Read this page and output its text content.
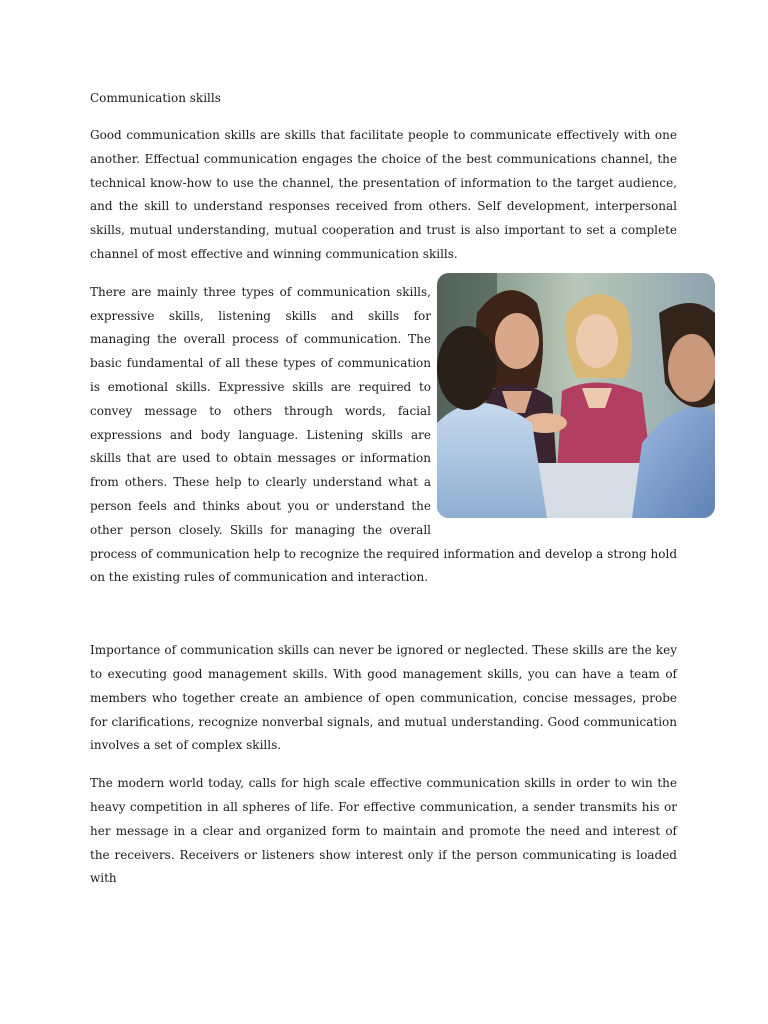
Communication skills

Good communication skills are skills that facilitate people to communicate effectively with one another. Effectual communication engages the choice of the best communications channel, the technical know-how to use the channel, the presentation of information to the target audience, and the skill to understand responses received from others. Self development, interpersonal skills, mutual understanding, mutual cooperation and trust is also important to set a complete channel of most effective and winning communication skills.

There are mainly three types of communication skills, expressive skills, listening skills and skills for managing the overall process of communication. The basic fundamental of all these types of communication is emotional skills. Expressive skills are required to convey message to others through words, facial expressions and body language. Listening skills are skills that are used to obtain messages or information from others. These help to clearly understand what a person feels and thinks about you or understand the other person closely. Skills for managing the overall process of communication help to recognize the required information and develop a strong hold on the existing rules of communication and interaction.

Importance of communication skills can never be ignored or neglected. These skills are the key to executing good management skills. With good management skills, you can have a team of members who together create an ambience of open communication, concise messages, probe for clarifications, recognize nonverbal signals, and mutual understanding. Good communication involves a set of complex skills.

The modern world today, calls for high scale effective communication skills in order to win the heavy competition in all spheres of life. For effective communication, a sender transmits his or her message in a clear and organized form to maintain and promote the need and interest of the receivers. Receivers or listeners show interest only if the person communicating is loaded with
